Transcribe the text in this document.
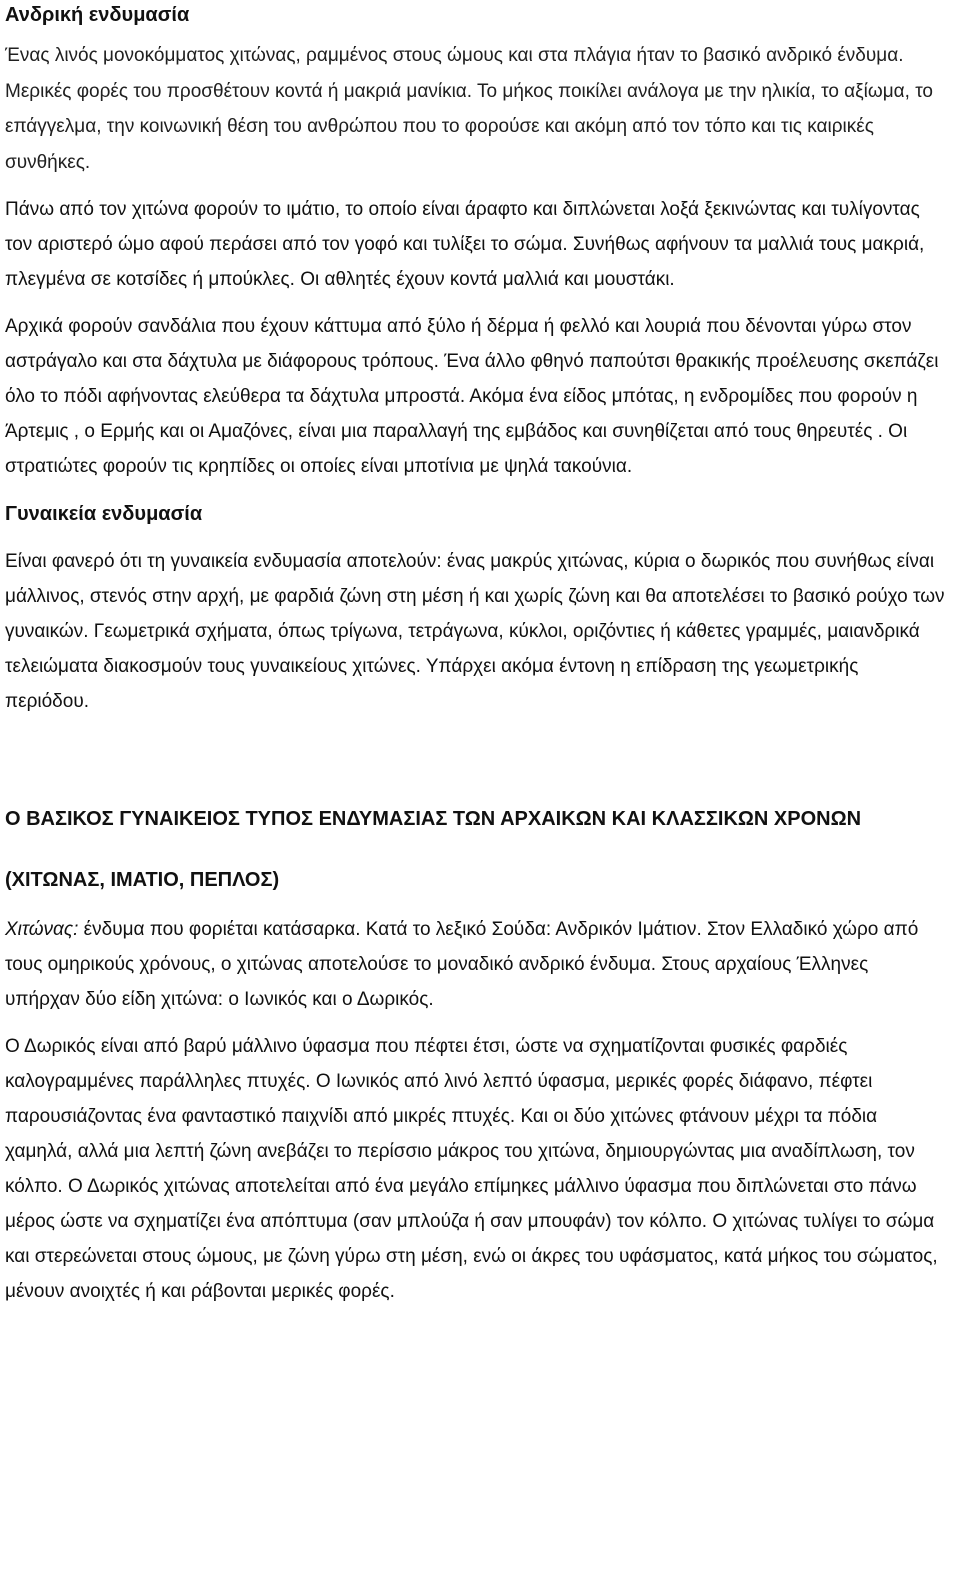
Ανδρική ενδυμασία

Ένας λινός μονοκόμματος χιτώνας, ραμμένος στους ώμους και στα πλάγια ήταν το βασικό ανδρικό ένδυμα. Μερικές φορές του προσθέτουν κοντά ή μακριά μανίκια. Το μήκος ποικίλει ανάλογα με την ηλικία, το αξίωμα, το επάγγελμα, την κοινωνική θέση του ανθρώπου που το φορούσε και ακόμη από τον τόπο και τις καιρικές συνθήκες.

Πάνω από τον χιτώνα φορούν το ιμάτιο, το οποίο είναι άραφτο και διπλώνεται λοξά ξεκινώντας και τυλίγοντας τον αριστερό ώμο αφού περάσει από τον γοφό και τυλίξει το σώμα. Συνήθως αφήνουν τα μαλλιά τους μακριά, πλεγμένα σε κοτσίδες ή μπούκλες. Οι αθλητές έχουν κοντά μαλλιά και μουστάκι.

Αρχικά φορούν σανδάλια που έχουν κάττυμα από ξύλο ή δέρμα ή φελλό και λουριά που δένονται γύρω στον αστράγαλο και στα δάχτυλα με διάφορους τρόπους. Ένα άλλο φθηνό παπούτσι θρακικής προέλευσης σκεπάζει όλο το πόδι αφήνοντας ελεύθερα τα δάχτυλα μπροστά. Ακόμα ένα είδος μπότας, η ενδρομίδες που φορούν η Άρτεμις , ο Ερμής και οι Αμαζόνες, είναι μια παραλλαγή της εμβάδος και συνηθίζεται από τους θηρευτές . Οι στρατιώτες φορούν τις κρηπίδες οι οποίες είναι μποτίνια με ψηλά τακούνια.

Γυναικεία ενδυμασία

Είναι φανερό ότι τη γυναικεία ενδυμασία αποτελούν: ένας μακρύς χιτώνας, κύρια ο δωρικός που συνήθως είναι μάλλινος, στενός στην αρχή, με φαρδιά ζώνη στη μέση ή και χωρίς ζώνη και θα αποτελέσει το βασικό ρούχο των γυναικών. Γεωμετρικά σχήματα, όπως τρίγωνα, τετράγωνα, κύκλοι, οριζόντιες ή κάθετες γραμμές, μαιανδρικά τελειώματα διακοσμούν τους γυναικείους χιτώνες. Υπάρχει ακόμα έντονη η επίδραση της γεωμετρικής περιόδου.

Ο ΒΑΣΙΚΟΣ ΓΥΝΑΙΚΕΙΟΣ ΤΥΠΟΣ ΕΝΔΥΜΑΣΙΑΣ ΤΩΝ ΑΡΧΑΙΚΩΝ ΚΑΙ ΚΛΑΣΣΙΚΩΝ ΧΡΟΝΩΝ
(ΧΙΤΩΝΑΣ, ΙΜΑΤΙΟ, ΠΕΠΛΟΣ)

Χιτώνας: ένδυμα που φοριέται κατάσαρκα. Κατά το λεξικό Σούδα: Ανδρικόν Ιμάτιον. Στον Ελλαδικό χώρο από τους ομηρικούς χρόνους, ο χιτώνας αποτελούσε το μοναδικό ανδρικό ένδυμα. Στους αρχαίους Έλληνες υπήρχαν δύο είδη χιτώνα: ο Ιωνικός και ο Δωρικός.

Ο Δωρικός είναι από βαρύ μάλλινο ύφασμα που πέφτει έτσι, ώστε να σχηματίζονται φυσικές φαρδιές καλογραμμένες παράλληλες πτυχές. Ο Ιωνικός από λινό λεπτό ύφασμα, μερικές φορές διάφανο, πέφτει παρουσιάζοντας ένα φανταστικό παιχνίδι από μικρές πτυχές. Και οι δύο χιτώνες φτάνουν μέχρι τα πόδια χαμηλά, αλλά μια λεπτή ζώνη ανεβάζει το περίσσιο μάκρος του χιτώνα, δημιουργώντας μια αναδίπλωση, τον κόλπο. Ο Δωρικός χιτώνας αποτελείται από ένα μεγάλο επίμηκες μάλλινο ύφασμα που διπλώνεται στο πάνω μέρος ώστε να σχηματίζει ένα απόπτυμα (σαν μπλούζα ή σαν μπουφάν) τον κόλπο. Ο χιτώνας τυλίγει το σώμα και στερεώνεται στους ώμους, με ζώνη γύρω στη μέση, ενώ οι άκρες του υφάσματος, κατά μήκος του σώματος, μένουν ανοιχτές ή και ράβονται μερικές φορές.
